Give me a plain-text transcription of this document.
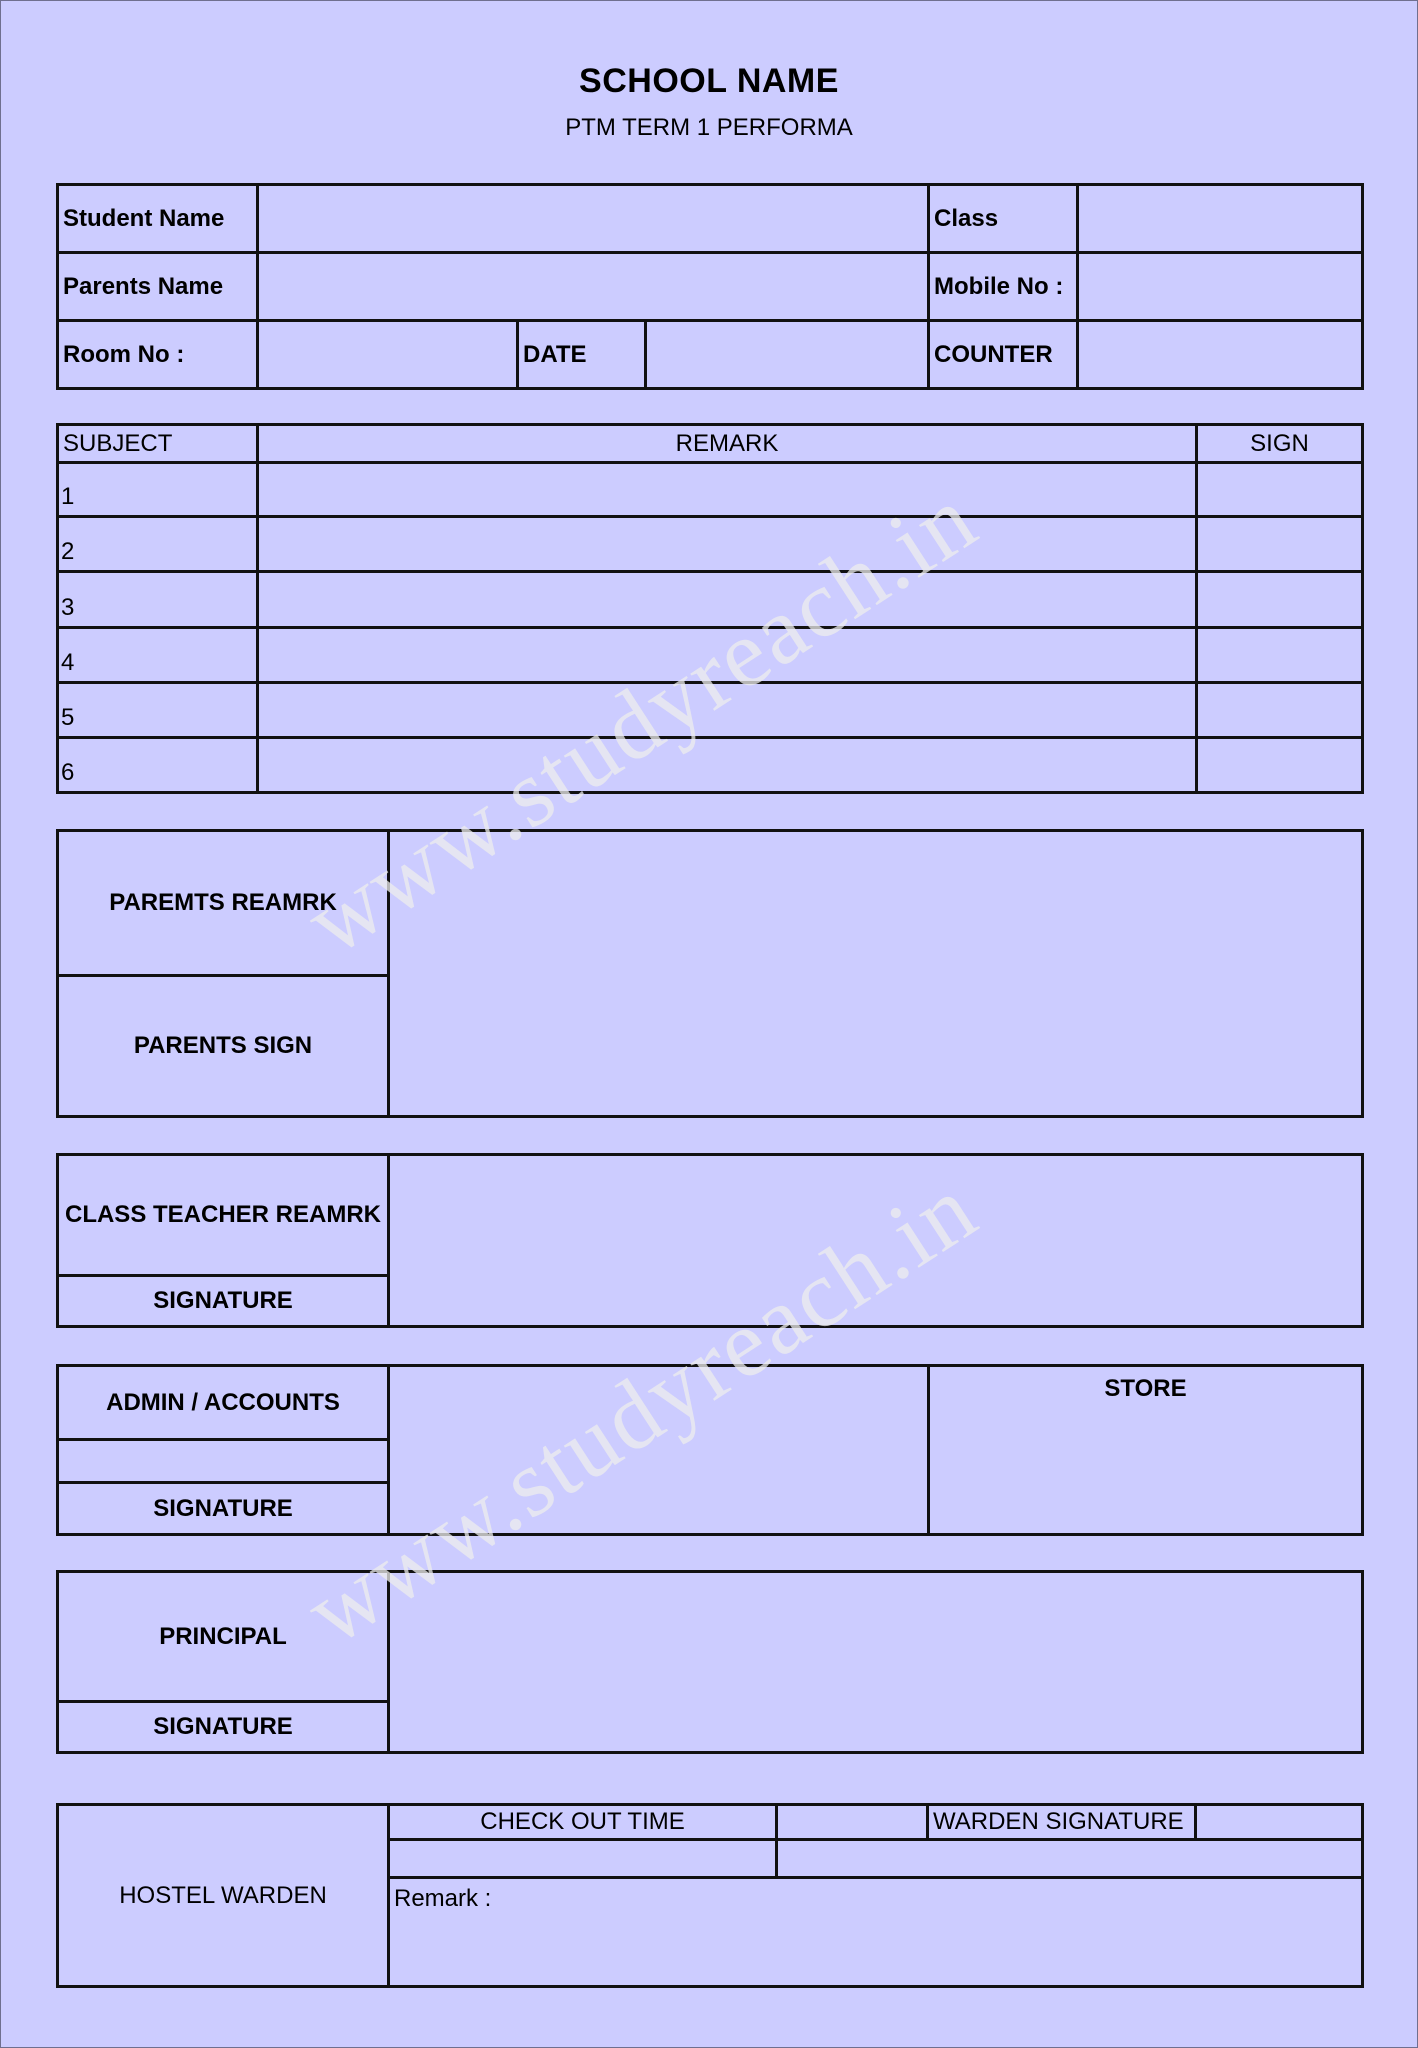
SCHOOL NAME
PTM TERM 1 PERFORMA
Student Name				Class	
Parents Name				Mobile No :	
Room No :		DATE		COUNTER	
SUBJECT	REMARK	SIGN
1		
2		
3		
4		
5		
6		
PAREMTS REAMRK	
PARENTS SIGN
CLASS TEACHER REAMRK	
SIGNATURE
ADMIN / ACCOUNTS		STORE

SIGNATURE
PRINCIPAL	
SIGNATURE
HOSTEL WARDEN	CHECK OUT TIME		WARDEN SIGNATURE	

	Remark :			
www.studyreach.in
www.studyreach.in
